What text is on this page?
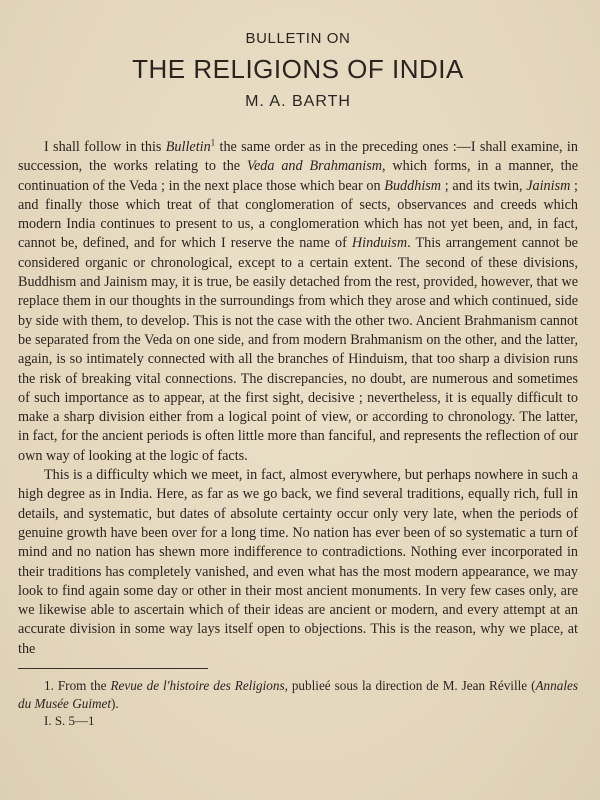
BULLETIN ON
THE RELIGIONS OF INDIA
M. A. BARTH

I shall follow in this Bulletin$^1$ the same order as in the preceding ones :—I shall examine, in succession, the works relating to the Veda and Brahmanism, which forms, in a manner, the continuation of the Veda ; in the next place those which bear on Buddhism ; and its twin, Jainism ; and finally those which treat of that conglomeration of sects, observances and creeds which modern India continues to present to us, a conglomeration which has not yet been, and, in fact, cannot be, defined, and for which I reserve the name of Hinduism. This arrangement cannot be considered organic or chronological, except to a certain extent. The second of these divisions, Buddhism and Jainism may, it is true, be easily detached from the rest, provided, however, that we replace them in our thoughts in the surroundings from which they arose and which continued, side by side with them, to develop. This is not the case with the other two. Ancient Brahmanism cannot be separated from the Veda on one side, and from modern Brahmanism on the other, and the latter, again, is so intimately connected with all the branches of Hinduism, that too sharp a division runs the risk of breaking vital connections. The discrepancies, no doubt, are numerous and sometimes of such importance as to appear, at the first sight, decisive ; nevertheless, it is equally difficult to make a sharp division either from a logical point of view, or according to chronology. The latter, in fact, for the ancient periods is often little more than fanciful, and represents the reflection of our own way of looking at the logic of facts.

This is a difficulty which we meet, in fact, almost everywhere, but perhaps nowhere in such a high degree as in India. Here, as far as we go back, we find several traditions, equally rich, full in details, and systematic, but dates of absolute certainty occur only very late, when the periods of genuine growth have been over for a long time. No nation has ever been of so systematic a turn of mind and no nation has shewn more indifference to contradictions. Nothing ever incorporated in their traditions has completely vanished, and even what has the most modern appearance, we may look to find again some day or other in their most ancient monuments. In very few cases only, are we likewise able to ascertain which of their ideas are ancient or modern, and every attempt at an accurate division in some way lays itself open to objections. This is the reason, why we place, at the

1. From the Revue de l'histoire des Religions, publieé sous la direction de M. Jean Réville (Annales du Musée Guimet).

I. S. 5—1
